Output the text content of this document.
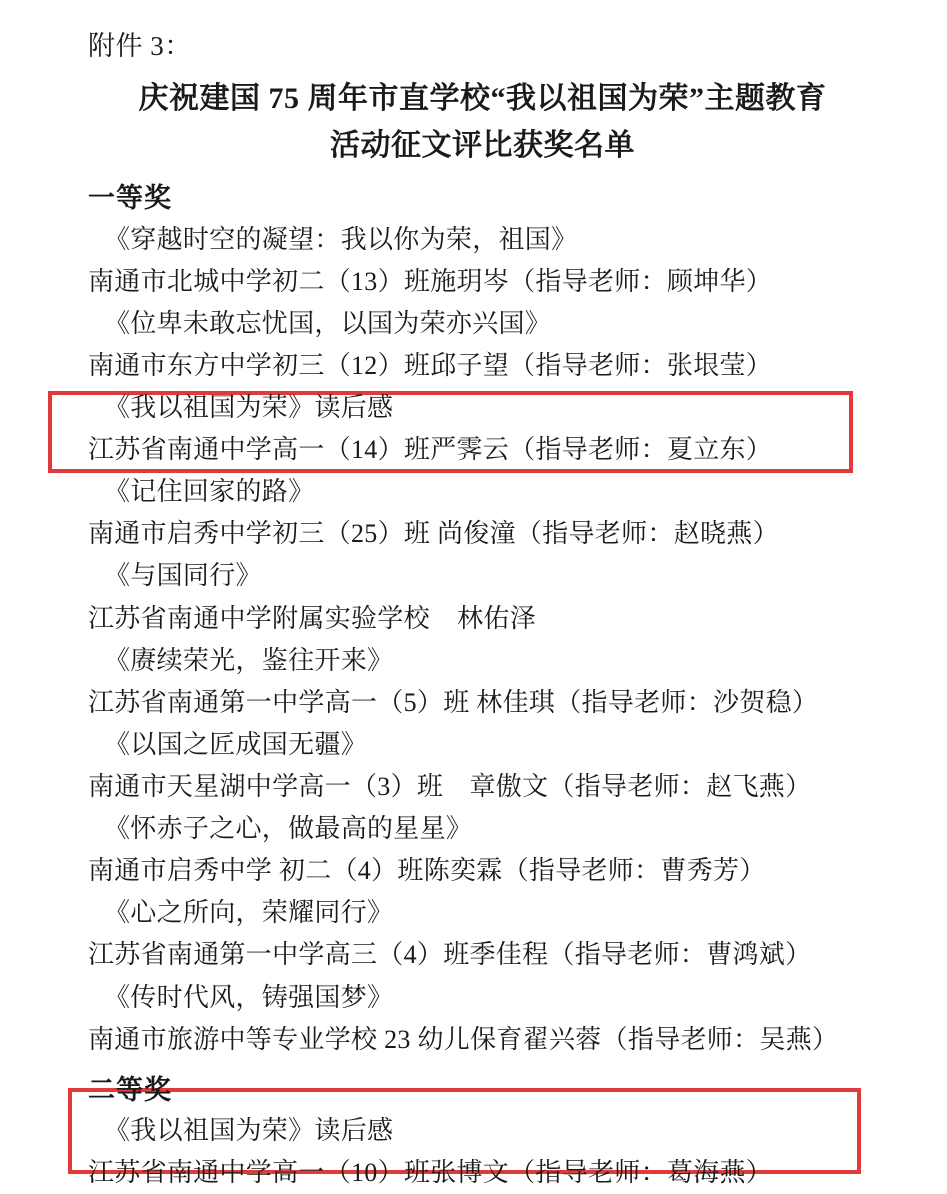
附件 3：

庆祝建国 75 周年市直学校“我以祖国为荣”主题教育
活动征文评比获奖名单
一等奖
《穿越时空的凝望：我以你为荣，祖国》
南通市北城中学初二（13）班施玥岑（指导老师：顾坤华）
《位卑未敢忘忧国，以国为荣亦兴国》
南通市东方中学初三（12）班邱子望（指导老师：张垠莹）
《我以祖国为荣》读后感
江苏省南通中学高一（14）班严霁云（指导老师：夏立东）
《记住回家的路》
南通市启秀中学初三（25）班 尚俊潼（指导老师：赵晓燕）
《与国同行》
江苏省南通中学附属实验学校    林佑泽
《赓续荣光，鉴往开来》
江苏省南通第一中学高一（5）班 林佳琪（指导老师：沙贺稳）
《以国之匠成国无疆》
南通市天星湖中学高一（3）班　章傲文（指导老师：赵飞燕）
《怀赤子之心，做最高的星星》
南通市启秀中学 初二（4）班陈奕霖（指导老师：曹秀芳）
《心之所向，荣耀同行》
江苏省南通第一中学高三（4）班季佳程（指导老师：曹鸿斌）
《传时代风，铸强国梦》
南通市旅游中等专业学校 23 幼儿保育翟兴蓉（指导老师：吴燕）
二等奖
《我以祖国为荣》读后感
江苏省南通中学高一（10）班张博文（指导老师：葛海燕）
